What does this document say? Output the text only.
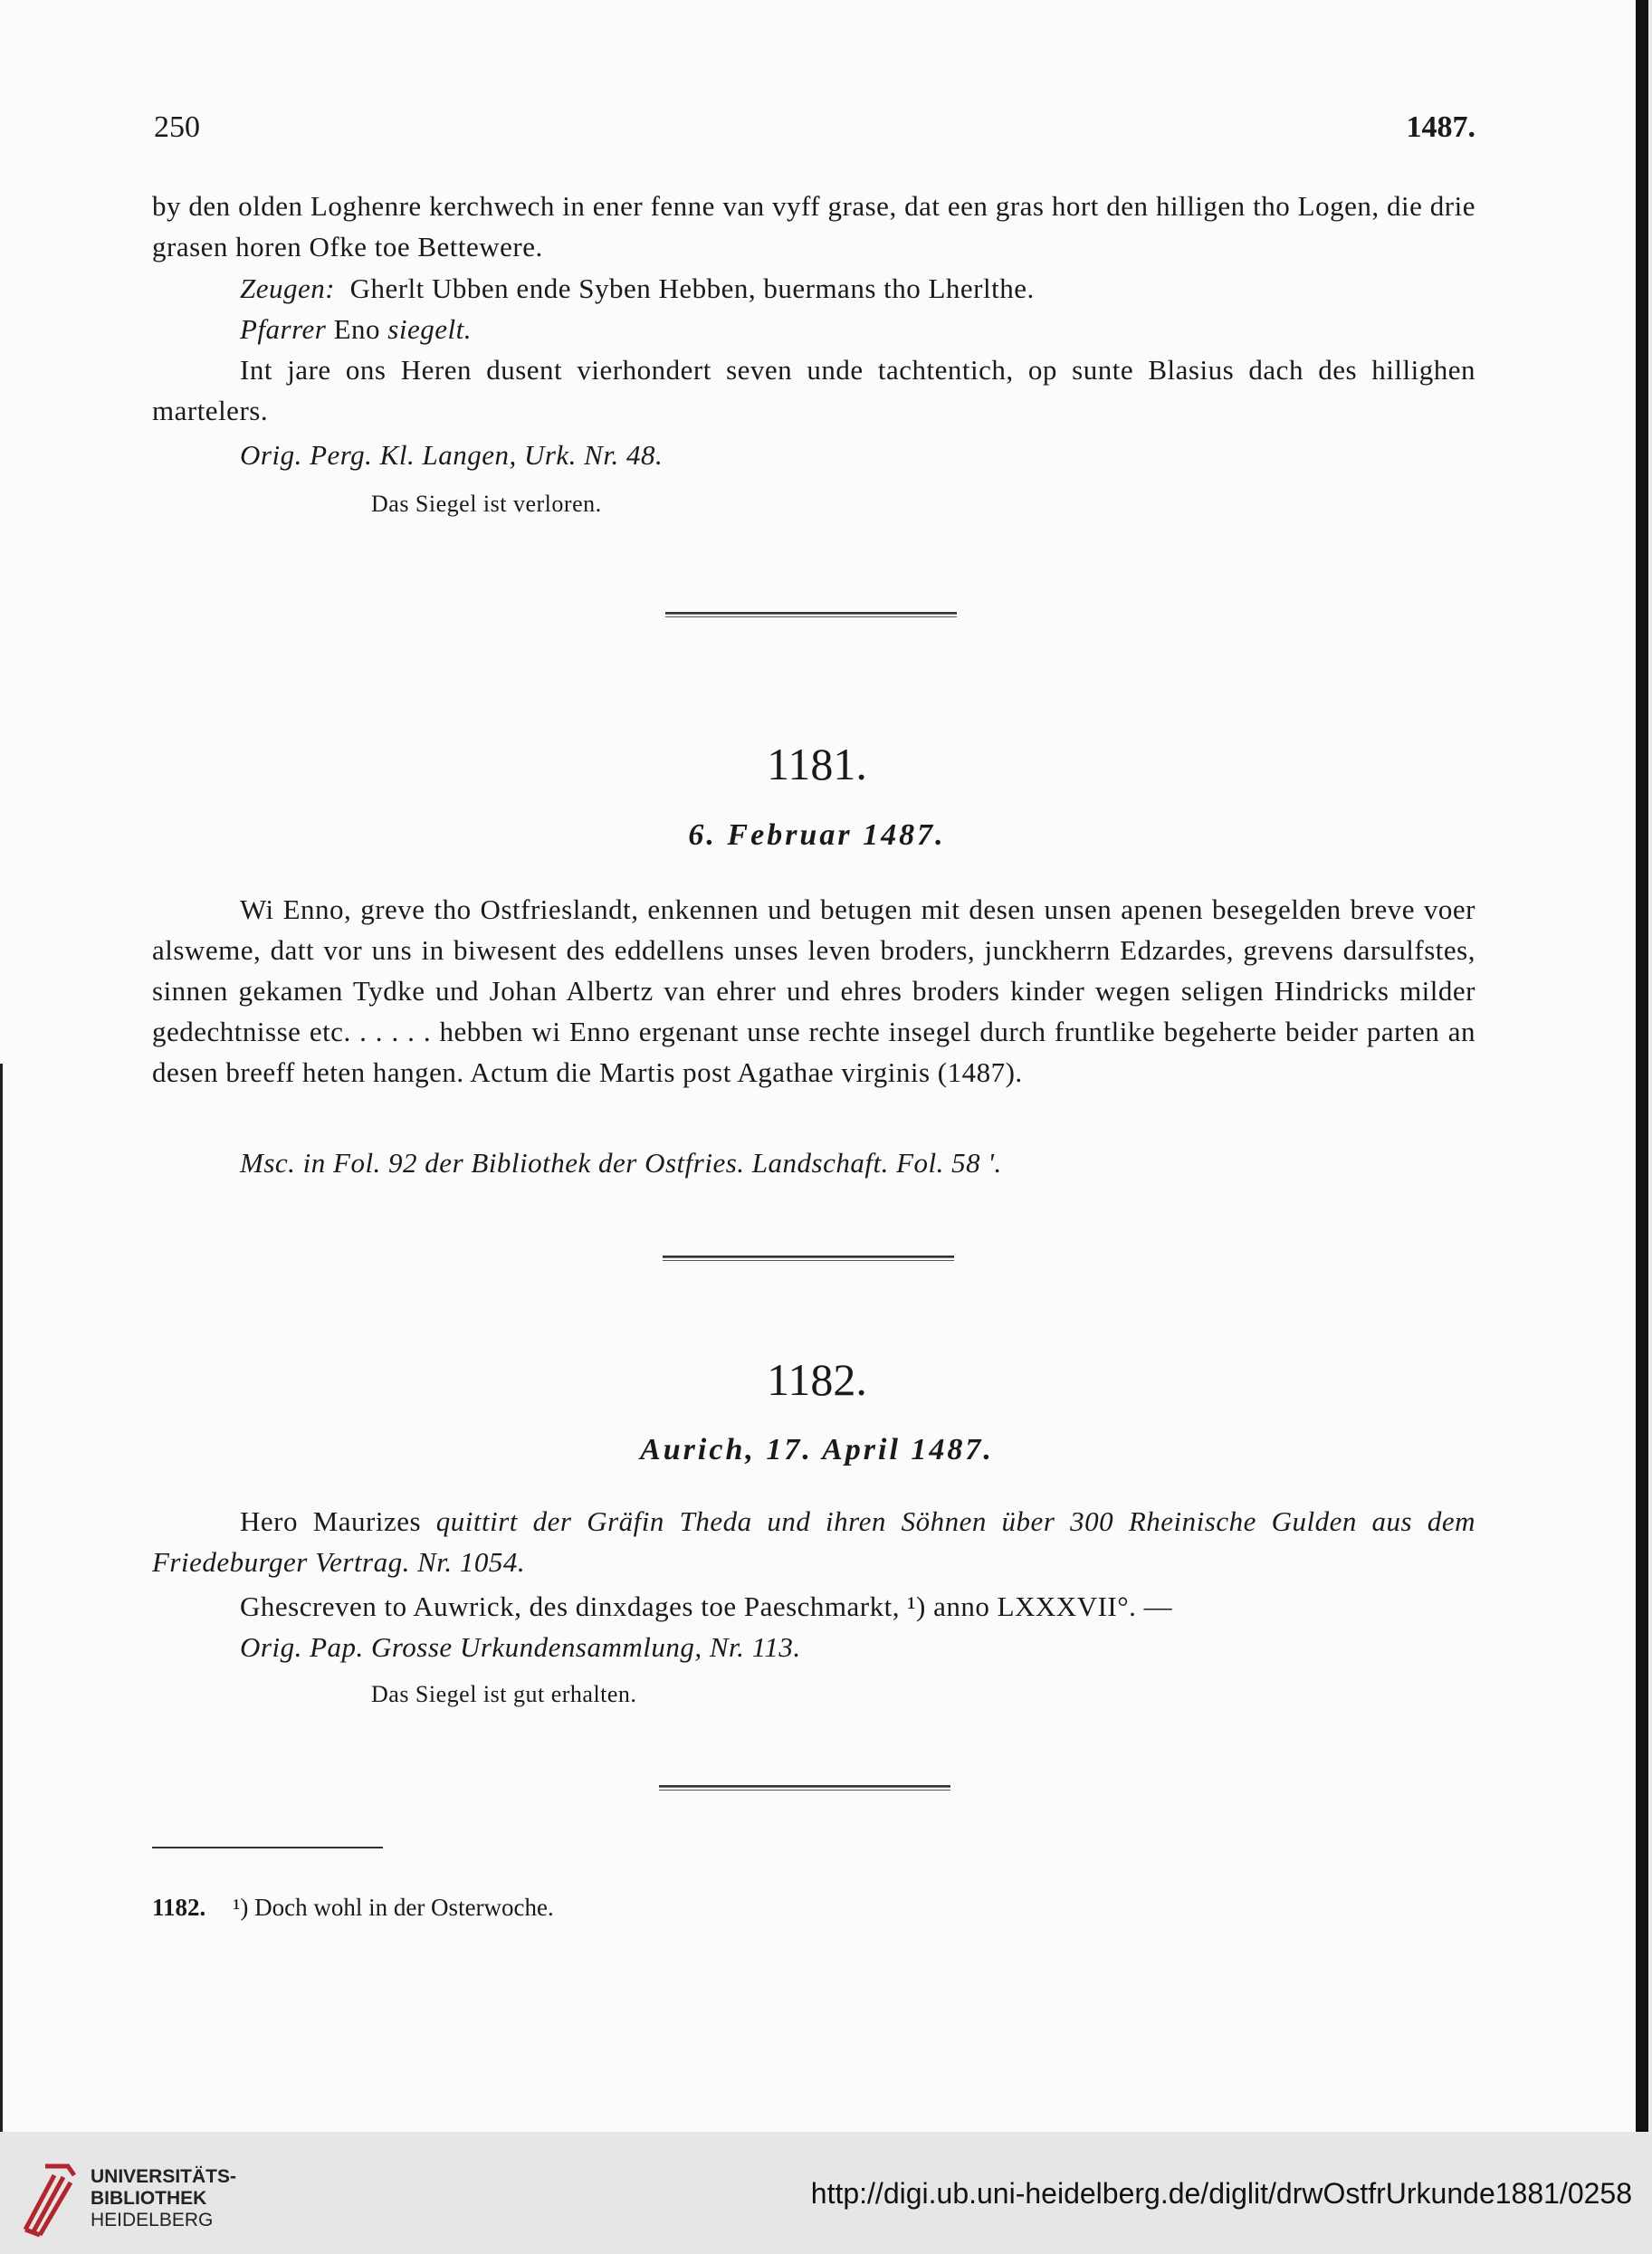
250	1487.
by den olden Loghenre kerchwech in ener fenne van vyff grase, dat een gras hort den hilligen tho Logen, die drie grasen horen Ofke toe Bettewere.
Zeugen: Gherlt Ubben ende Syben Hebben, buermans tho Lherlthe.
Pfarrer Eno siegelt.
Int jare ons Heren dusent vierhondert seven unde tachtentich, op sunte Blasius dach des hillighen martelers.
Orig. Perg. Kl. Langen, Urk. Nr. 48.
Das Siegel ist verloren.
1181.
6. Februar 1487.
Wi Enno, greve tho Ostfrieslandt, enkennen und betugen mit desen unsen apenen besegelden breve voer alsweme, datt vor uns in biwesent des eddellens unses leven broders, junckherrn Edzardes, grevens darsulfstes, sinnen gekamen Tydke und Johan Albertz van ehrer und ehres broders kinder wegen seligen Hindricks milder gedechtnisse etc. . . . . . hebben wi Enno ergenant unse rechte insegel durch fruntlike begeherte beider parten an desen breeff heten hangen. Actum die Martis post Agathae virginis (1487).
Msc. in Fol. 92 der Bibliothek der Ostfries. Landschaft. Fol. 58 '.
1182.
Aurich, 17. April 1487.
Hero Maurizes quittirt der Gräfin Theda und ihren Söhnen über 300 Rheinische Gulden aus dem Friedeburger Vertrag. Nr. 1054.
Ghescreven to Auwrick, des dinxdages toe Paeschmarkt, ¹) anno LXXXVII°. —
Orig. Pap. Grosse Urkundensammlung, Nr. 113.
Das Siegel ist gut erhalten.
1182. ¹) Doch wohl in der Osterwoche.
UNIVERSITÄTS-
BIBLIOTHEK
HEIDELBERG
http://digi.ub.uni-heidelberg.de/diglit/drwOstfrUrkunde1881/0258
